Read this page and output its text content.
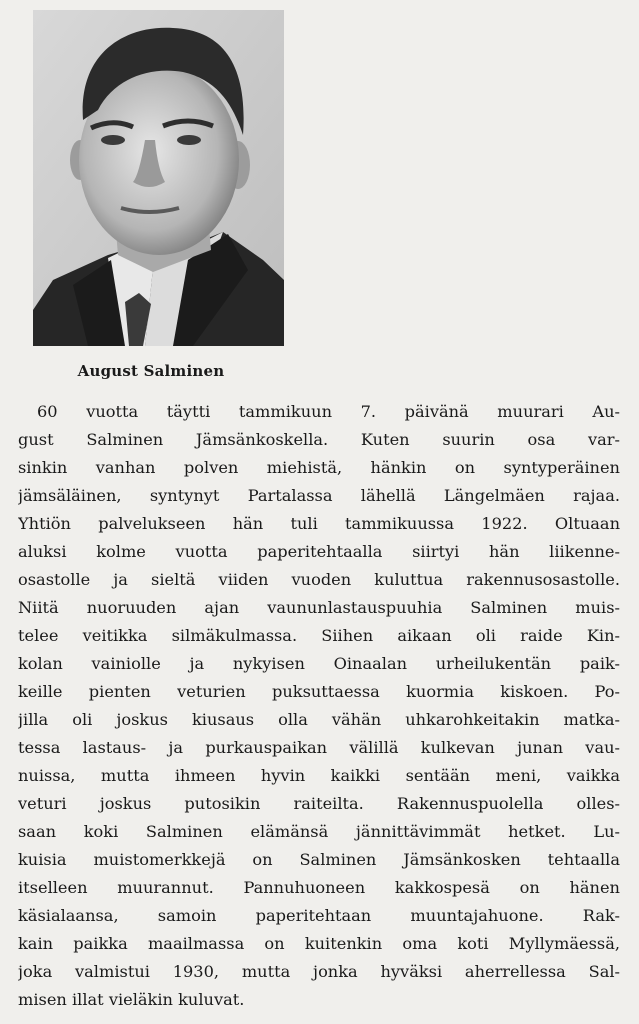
August Salminen
60 vuotta täytti tammikuun 7. päivänä muurari Au-
gust Salminen Jämsänkoskella. Kuten suurin osa var-
sinkin vanhan polven miehistä, hänkin on syntyperäinen
jämsäläinen, syntynyt Partalassa lähellä Längelmäen rajaa.
Yhtiön palvelukseen hän tuli tammikuussa 1922. Oltuaan
aluksi kolme vuotta paperitehtaalla siirtyi hän liikenne-
osastolle ja sieltä viiden vuoden kuluttua rakennusosastolle.
Niitä nuoruuden ajan vaununlastauspuuhia Salminen muis-
telee veitikka silmäkulmassa. Siihen aikaan oli raide Kin-
kolan vainiolle ja nykyisen Oinaalan urheilukentän paik-
keille pienten veturien puksuttaessa kuormia kiskoen. Po-
jilla oli joskus kiusaus olla vähän uhkarohkeitakin matka-
tessa lastaus- ja purkauspaikan välillä kulkevan junan vau-
nuissa, mutta ihmeen hyvin kaikki sentään meni, vaikka
veturi joskus putosikin raiteilta. Rakennuspuolella olles-
saan koki Salminen elämänsä jännittävimmät hetket. Lu-
kuisia muistomerkkejä on Salminen Jämsänkosken tehtaalla
itselleen muurannut. Pannuhuoneen kakkospesä on hänen
käsialaansa, samoin paperitehtaan muuntajahuone. Rak-
kain paikka maailmassa on kuitenkin oma koti Myllymäessä,
joka valmistui 1930, mutta jonka hyväksi aherrellessa Sal-
misen illat vieläkin kuluvat.
